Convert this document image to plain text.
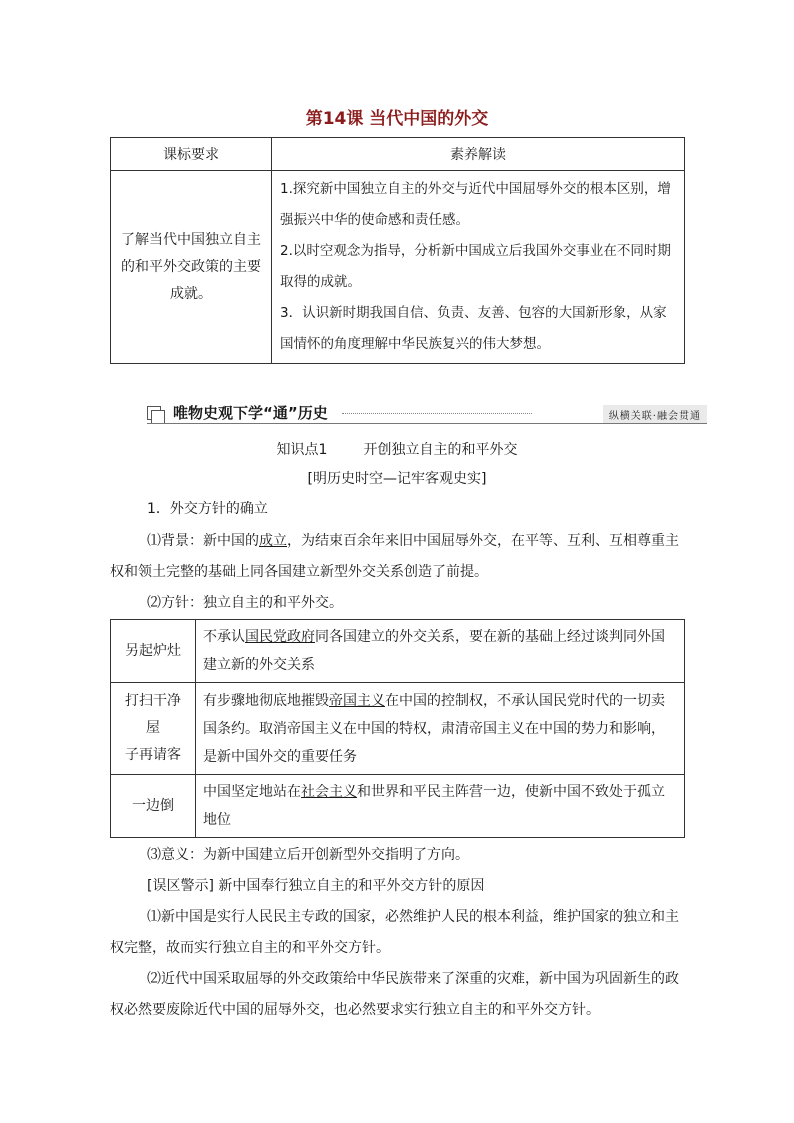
第14课 当代中国的外交
课标要求	素养解读
了解当代中国独立自主的和平外交政策的主要成就。	1.探究新中国独立自主的外交与近代中国屈辱外交的根本区别，增强振兴中华的使命感和责任感。
2.以时空观念为指导，分析新中国成立后我国外交事业在不同时期取得的成就。
3．认识新时期我国自信、负责、友善、包容的大国新形象，从家国情怀的角度理解中华民族复兴的伟大梦想。
唯物史观下学“通”历史	纵横关联·融会贯通
知识点1	开创独立自主的和平外交
[明历史时空—记牢客观史实]
1．外交方针的确立
⑴背景：新中国的成立，为结束百余年来旧中国屈辱外交，在平等、互利、互相尊重主权和领土完整的基础上同各国建立新型外交关系创造了前提。
⑵方针：独立自主的和平外交。
另起炉灶	不承认国民党政府同各国建立的外交关系，要在新的基础上经过谈判同外国建立新的外交关系

打扫干净
屋
子再请客	有步骤地彻底地摧毁帝国主义在中国的控制权，不承认国民党时代的一切卖国条约。取消帝国主义在中国的特权，肃清帝国主义在中国的势力和影响，是新中国外交的重要任务
一边倒	中国坚定地站在社会主义和世界和平民主阵营一边，使新中国不致处于孤立地位
⑶意义：为新中国建立后开创新型外交指明了方向。
[误区警示] 新中国奉行独立自主的和平外交方针的原因
⑴新中国是实行人民民主专政的国家，必然维护人民的根本利益，维护国家的独立和主权完整，故而实行独立自主的和平外交方针。
⑵近代中国采取屈辱的外交政策给中华民族带来了深重的灾难，新中国为巩固新生的政权必然要废除近代中国的屈辱外交，也必然要求实行独立自主的和平外交方针。
